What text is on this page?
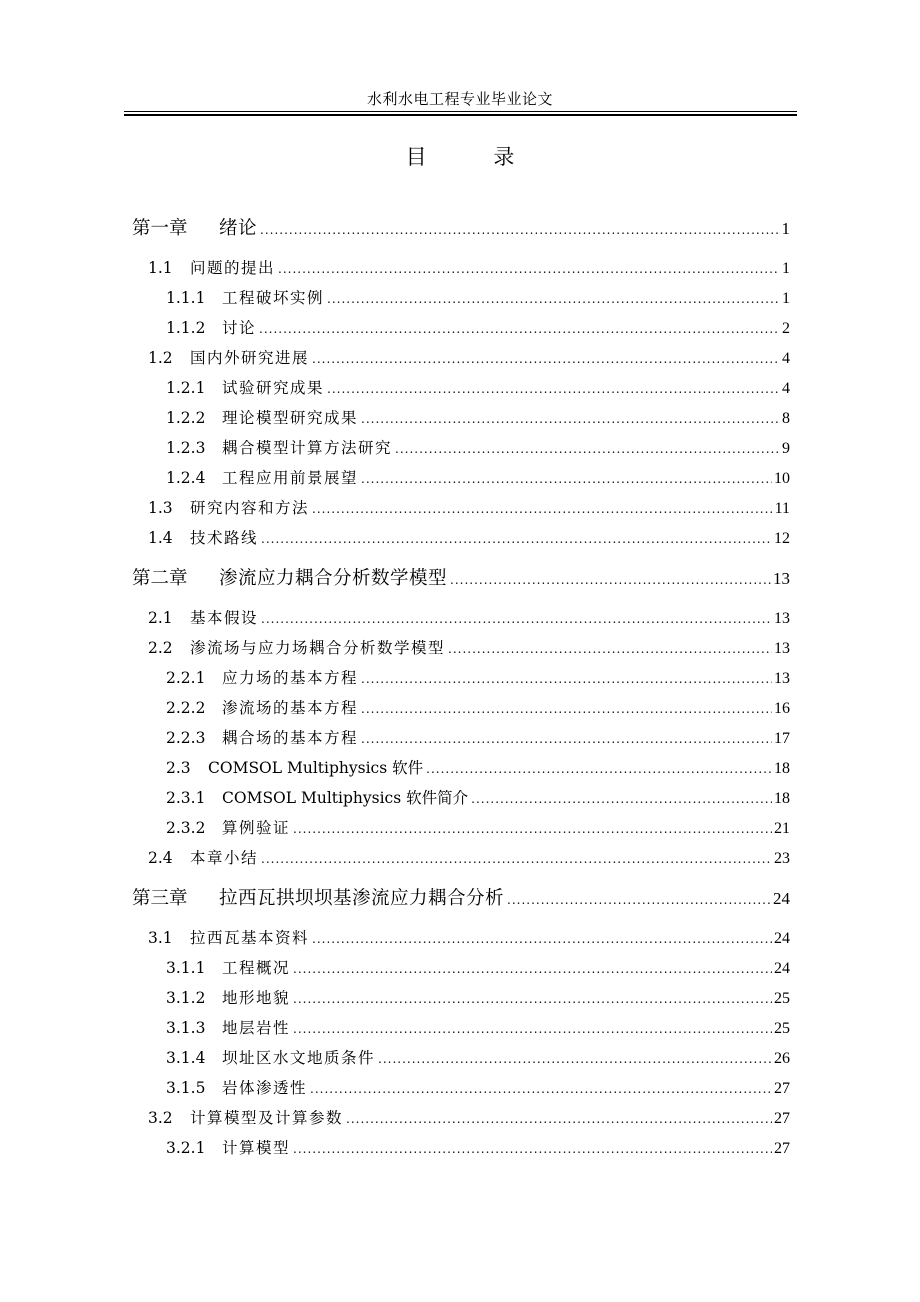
水利水电工程专业毕业论文
目 录
第一章	绪论 .....	1
1.1	问题的提出 .....	1
1.1.1	工程破坏实例 .....	1
1.1.2	讨论 .....	2
1.2	国内外研究进展 .....	4
1.2.1	试验研究成果 .....	4
1.2.2	理论模型研究成果 .....	8
1.2.3	耦合模型计算方法研究 .....	9
1.2.4	工程应用前景展望 .....	10
1.3	研究内容和方法 .....	11
1.4	技术路线 .....	12
第二章	渗流应力耦合分析数学模型 .....	13
2.1	基本假设 .....	13
2.2	渗流场与应力场耦合分析数学模型 .....	13
2.2.1	应力场的基本方程 .....	13
2.2.2	渗流场的基本方程 .....	16
2.2.3	耦合场的基本方程 .....	17
2.3	COMSOL Multiphysics 软件 .....	18
2.3.1	COMSOL Multiphysics 软件简介 .....	18
2.3.2	算例验证 .....	21
2.4	本章小结 .....	23
第三章	拉西瓦拱坝坝基渗流应力耦合分析 .....	24
3.1	拉西瓦基本资料 .....	24
3.1.1	工程概况 .....	24
3.1.2	地形地貌 .....	25
3.1.3	地层岩性 .....	25
3.1.4	坝址区水文地质条件 .....	26
3.1.5	岩体渗透性 .....	27
3.2	计算模型及计算参数 .....	27
3.2.1	计算模型 .....	27
